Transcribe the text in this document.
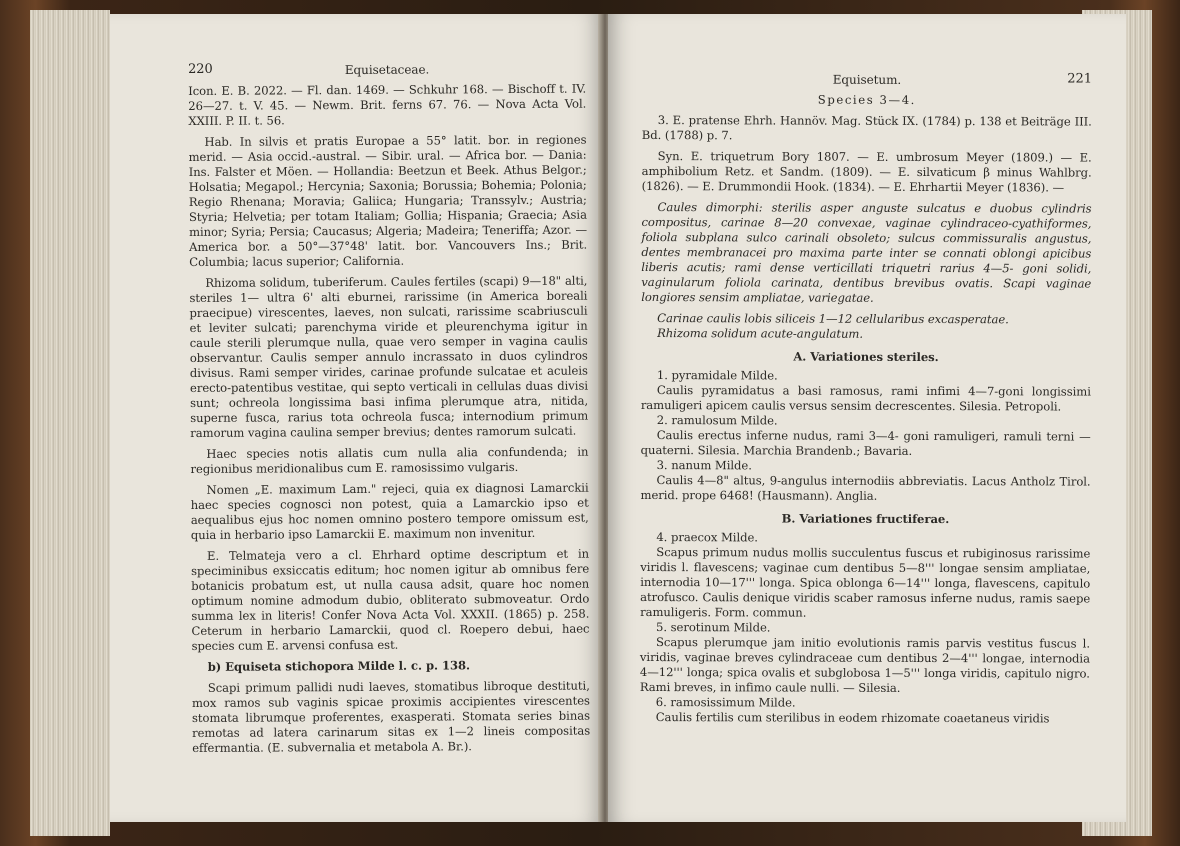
220	Equisetaceae.

Icon. E. B. 2022. — Fl. dan. 1469. — Schkuhr 168. — Bischoff t. IV. 26—27. t. V. 45. — Newm. Brit. ferns 67. 76. — Nova Acta Vol. XXIII. P. II. t. 56.

Hab. In silvis et pratis Europae a 55° latit. bor. in regiones merid. — Asia occid.-austral. — Sibir. ural. — Africa bor. — Dania: Ins. Falster et Möen. — Hollandia: Beetzun et Beek. Athus Belgor.; Holsatia; Megapol.; Hercynia; Saxonia; Borussia; Bohemia; Polonia; Regio Rhenana; Moravia; Galiica; Hungaria; Transsylv.; Austria; Styria; Helvetia; per totam Italiam; Gollia; Hispania; Graecia; Asia minor; Syria; Persia; Caucasus; Algeria; Madeira; Teneriffa; Azor. — America bor. a 50°—37°48' latit. bor. Vancouvers Ins.; Brit. Columbia; lacus superior; California.

Rhizoma solidum, tuberiferum. Caules fertiles (scapi) 9—18" alti, steriles 1— ultra 6' alti eburnei, rarissime (in America boreali praecipue) virescentes, laeves, non sulcati, rarissime scabriusculi et leviter sulcati; parenchyma viride et pleurenchyma igitur in caule sterili plerumque nulla, quae vero semper in vagina caulis observantur. Caulis semper annulo incrassato in duos cylindros divisus. Rami semper virides, carinae profunde sulcatae et aculeis erecto-patentibus vestitae, qui septo verticali in cellulas duas divisi sunt; ochreola longissima basi infima plerumque atra, nitida, superne fusca, rarius tota ochreola fusca; internodium primum ramorum vagina caulina semper brevius; dentes ramorum sulcati.

Haec species notis allatis cum nulla alia confundenda; in regionibus meridionalibus cum E. ramosissimo vulgaris.

Nomen „E. maximum Lam." rejeci, quia ex diagnosi Lamarckii haec species cognosci non potest, quia a Lamarckio ipso et aequalibus ejus hoc nomen omnino postero tempore omissum est, quia in herbario ipso Lamarckii E. maximum non invenitur.

E. Telmateja vero a cl. Ehrhard optime descriptum et in speciminibus exsiccatis editum; hoc nomen igitur ab omnibus fere botanicis probatum est, ut nulla causa adsit, quare hoc nomen optimum nomine admodum dubio, obliterato submoveatur. Ordo summa lex in literis! Confer Nova Acta Vol. XXXII. (1865) p. 258. Ceterum in herbario Lamarckii, quod cl. Roepero debui, haec species cum E. arvensi confusa est.

b) Equiseta stichopora Milde l. c. p. 138.

Scapi primum pallidi nudi laeves, stomatibus libroque destituti, mox ramos sub vaginis spicae proximis accipientes virescentes stomata librumque proferentes, exasperati. Stomata series binas remotas ad latera carinarum sitas ex 1—2 lineis compositas effermantia. (E. subvernalia et metabola A. Br.).

Equisetum.	221

Species 3—4.

3. E. pratense Ehrh. Hannöv. Mag. Stück IX. (1784) p. 138 et Beiträge III. Bd. (1788) p. 7.

Syn. E. triquetrum Bory 1807. — E. umbrosum Meyer (1809.) — E. amphibolium Retz. et Sandm. (1809). — E. silvaticum β minus Wahlbrg. (1826). — E. Drummondii Hook. (1834). — E. Ehrhartii Meyer (1836). —

Caules dimorphi: sterilis asper anguste sulcatus e duobus cylindris compositus, carinae 8—20 convexae, vaginae cylindraceo-cyathiformes, foliola subplana sulco carinali obsoleto; sulcus commissuralis angustus, dentes membranacei pro maxima parte inter se connati oblongi apicibus liberis acutis; rami dense verticillati triquetri rarius 4—5- goni solidi, vaginularum foliola carinata, dentibus brevibus ovatis. Scapi vaginae longiores sensim ampliatae, variegatae.

Carinae caulis lobis siliceis 1—12 cellularibus excasperatae.

Rhizoma solidum acute-angulatum.

A. Variationes steriles.

1. pyramidale Milde.

Caulis pyramidatus a basi ramosus, rami infimi 4—7-goni longissimi ramuligeri apicem caulis versus sensim decrescentes. Silesia. Petropoli.

2. ramulosum Milde.

Caulis erectus inferne nudus, rami 3—4- goni ramuligeri, ramuli terni — quaterni. Silesia. Marchia Brandenb.; Bavaria.

3. nanum Milde.

Caulis 4—8" altus, 9-angulus internodiis abbreviatis. Lacus Antholz Tirol. merid. prope 6468! (Hausmann). Anglia.

B. Variationes fructiferae.

4. praecox Milde.

Scapus primum nudus mollis succulentus fuscus et rubiginosus rarissime viridis l. flavescens; vaginae cum dentibus 5—8''' longae sensim ampliatae, internodia 10—17''' longa. Spica oblonga 6—14''' longa, flavescens, capitulo atrofusco. Caulis denique viridis scaber ramosus inferne nudus, ramis saepe ramuligeris. Form. commun.

5. serotinum Milde.

Scapus plerumque jam initio evolutionis ramis parvis vestitus fuscus l. viridis, vaginae breves cylindraceae cum dentibus 2—4''' longae, internodia 4—12''' longa; spica ovalis et subglobosa 1—5''' longa viridis, capitulo nigro. Rami breves, in infimo caule nulli. — Silesia.

6. ramosissimum Milde.

Caulis fertilis cum sterilibus in eodem rhizomate coaetaneus viridis
